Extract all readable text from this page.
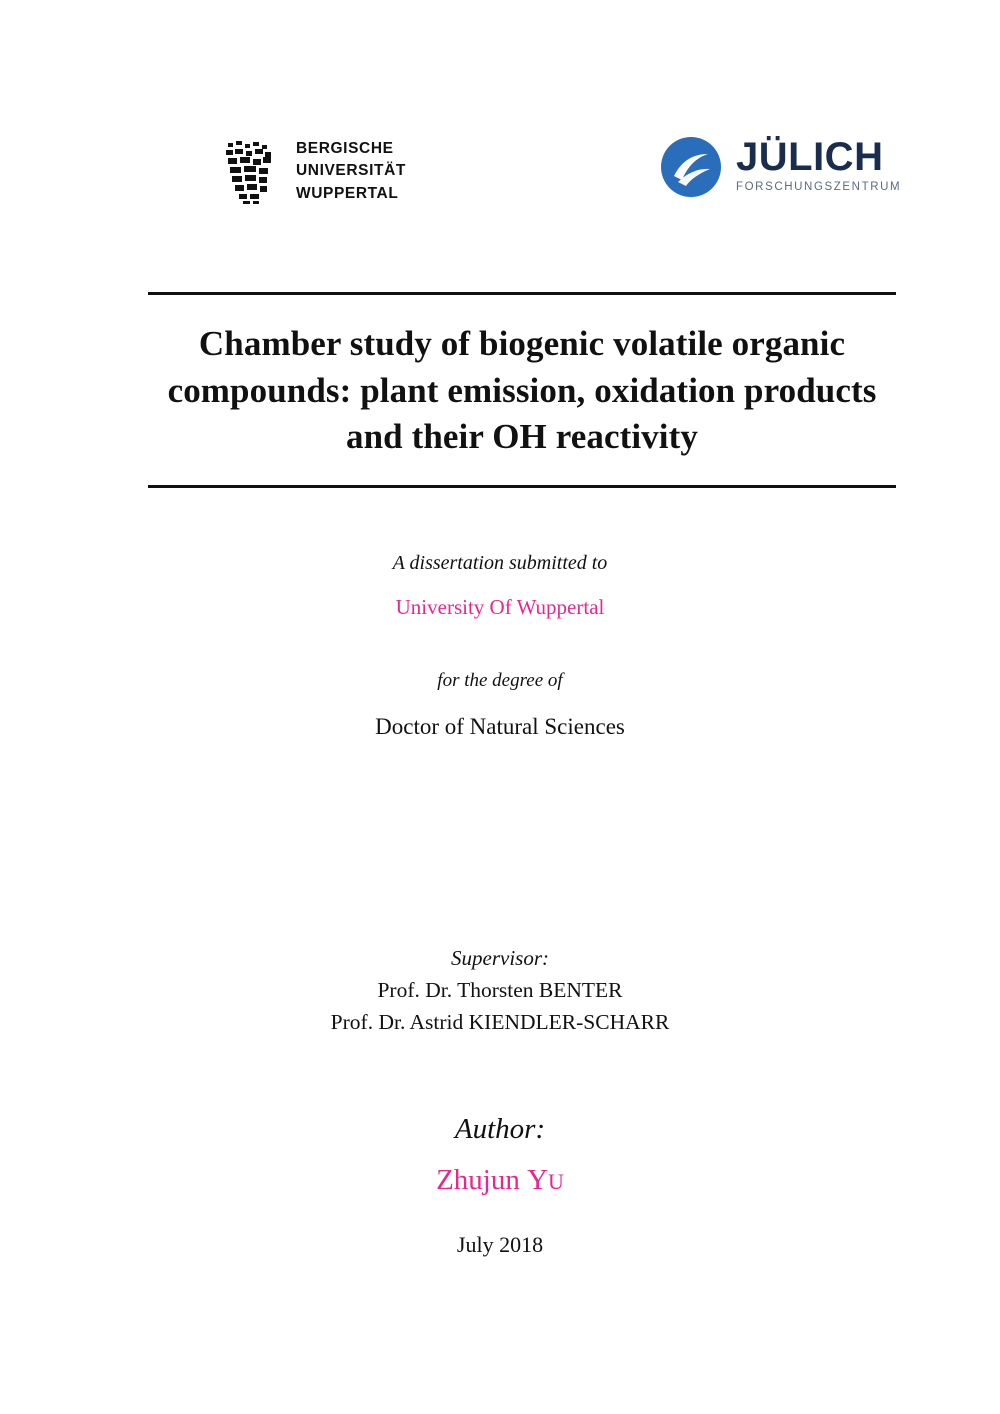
BERGISCHE
UNIVERSITÄT
WUPPERTAL
JÜLICH
FORSCHUNGSZENTRUM
Chamber study of biogenic volatile organic compounds: plant emission, oxidation products and their OH reactivity
A dissertation submitted to
University Of Wuppertal
for the degree of
Doctor of Natural Sciences
Supervisor:
Prof. Dr. Thorsten BENTER
Prof. Dr. Astrid KIENDLER-SCHARR
Author:
Zhujun YU
July 2018
